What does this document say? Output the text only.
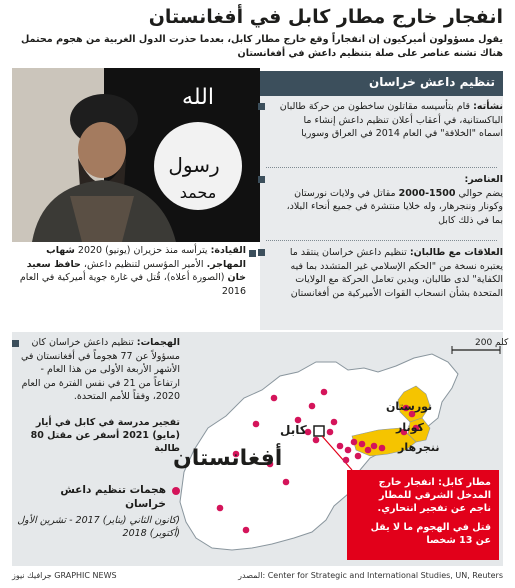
انفجار خارج مطار كابل في أفغانستان
يقول مسؤولون أميركيون إن انفجاراً وقع خارج مطار كابل، بعدما حذرت الدول الغربية من هجوم محتمل هناك تشنه عناصر على صلة بتنظيم داعش في أفغانستان
الله
رسول
محمد
تنظيم داعش خراسان
نشأته: قام بتأسيسه مقاتلون ساخطون من حركة طالبان الباكستانية، في أعقاب أعلان تنظيم داعش إنشاء ما اسماه "الخلافة" في العام 2014 في العراق وسوريا
العناصر:
يضم حوالي 1500-2000 مقاتل في ولايات نورستان وكونار وننجرهار، وله خلايا منتشرة في جميع أنحاء البلاد، بما في ذلك كابل
العلاقات مع طالبان: تنظيم داعش خراسان ينتقد ما يعتبره نسخة من "الحكم الإسلامي غير المتشدد بما فيه الكفاية" لدى طالبان، ويدين تعامل الحركة مع الولايات المتحدة بشأن انسحاب القوات الأميركية من أفغانستان
القيادة: يترأسه منذ حزيران (يونيو) 2020 شهاب المهاجر. الأمير المؤسس لتنظيم داعش، حافظ سعيد خان (الصورة أعلاه)، قُتل في غارة جوية أميركية في العام 2016
أفغانستان
كابل
نورستان
كونار
ننجرهار
الهجمات: تنظيم داعش خراسان كان مسؤولاً عن 77 هجوماً في أفغانستان في الأشهر الأربعة الأولى من هذا العام - ارتفاعاً من 21 في نفس الفترة من العام 2020، وفقاً للأمم المتحدة.
تفجير مدرسة في كابل في أيار (مايو) 2021 أسفر عن مقتل 80 طالبة
هجمات تنظيم داعش خراسان
(كانون الثاني (يناير) 2017 - تشرين الأول (أكتوبر) 2018
مطار كابل: انفجار خارج المدخل الشرقي للمطار ناجم عن تفجير انتحاري.
قتل في الهجوم ما لا يقل عن 13 شخصا
200 كلم
المصدر: Center for Strategic and International Studies, UN, Reuters
GRAPHIC NEWS جرافيك نيوز
